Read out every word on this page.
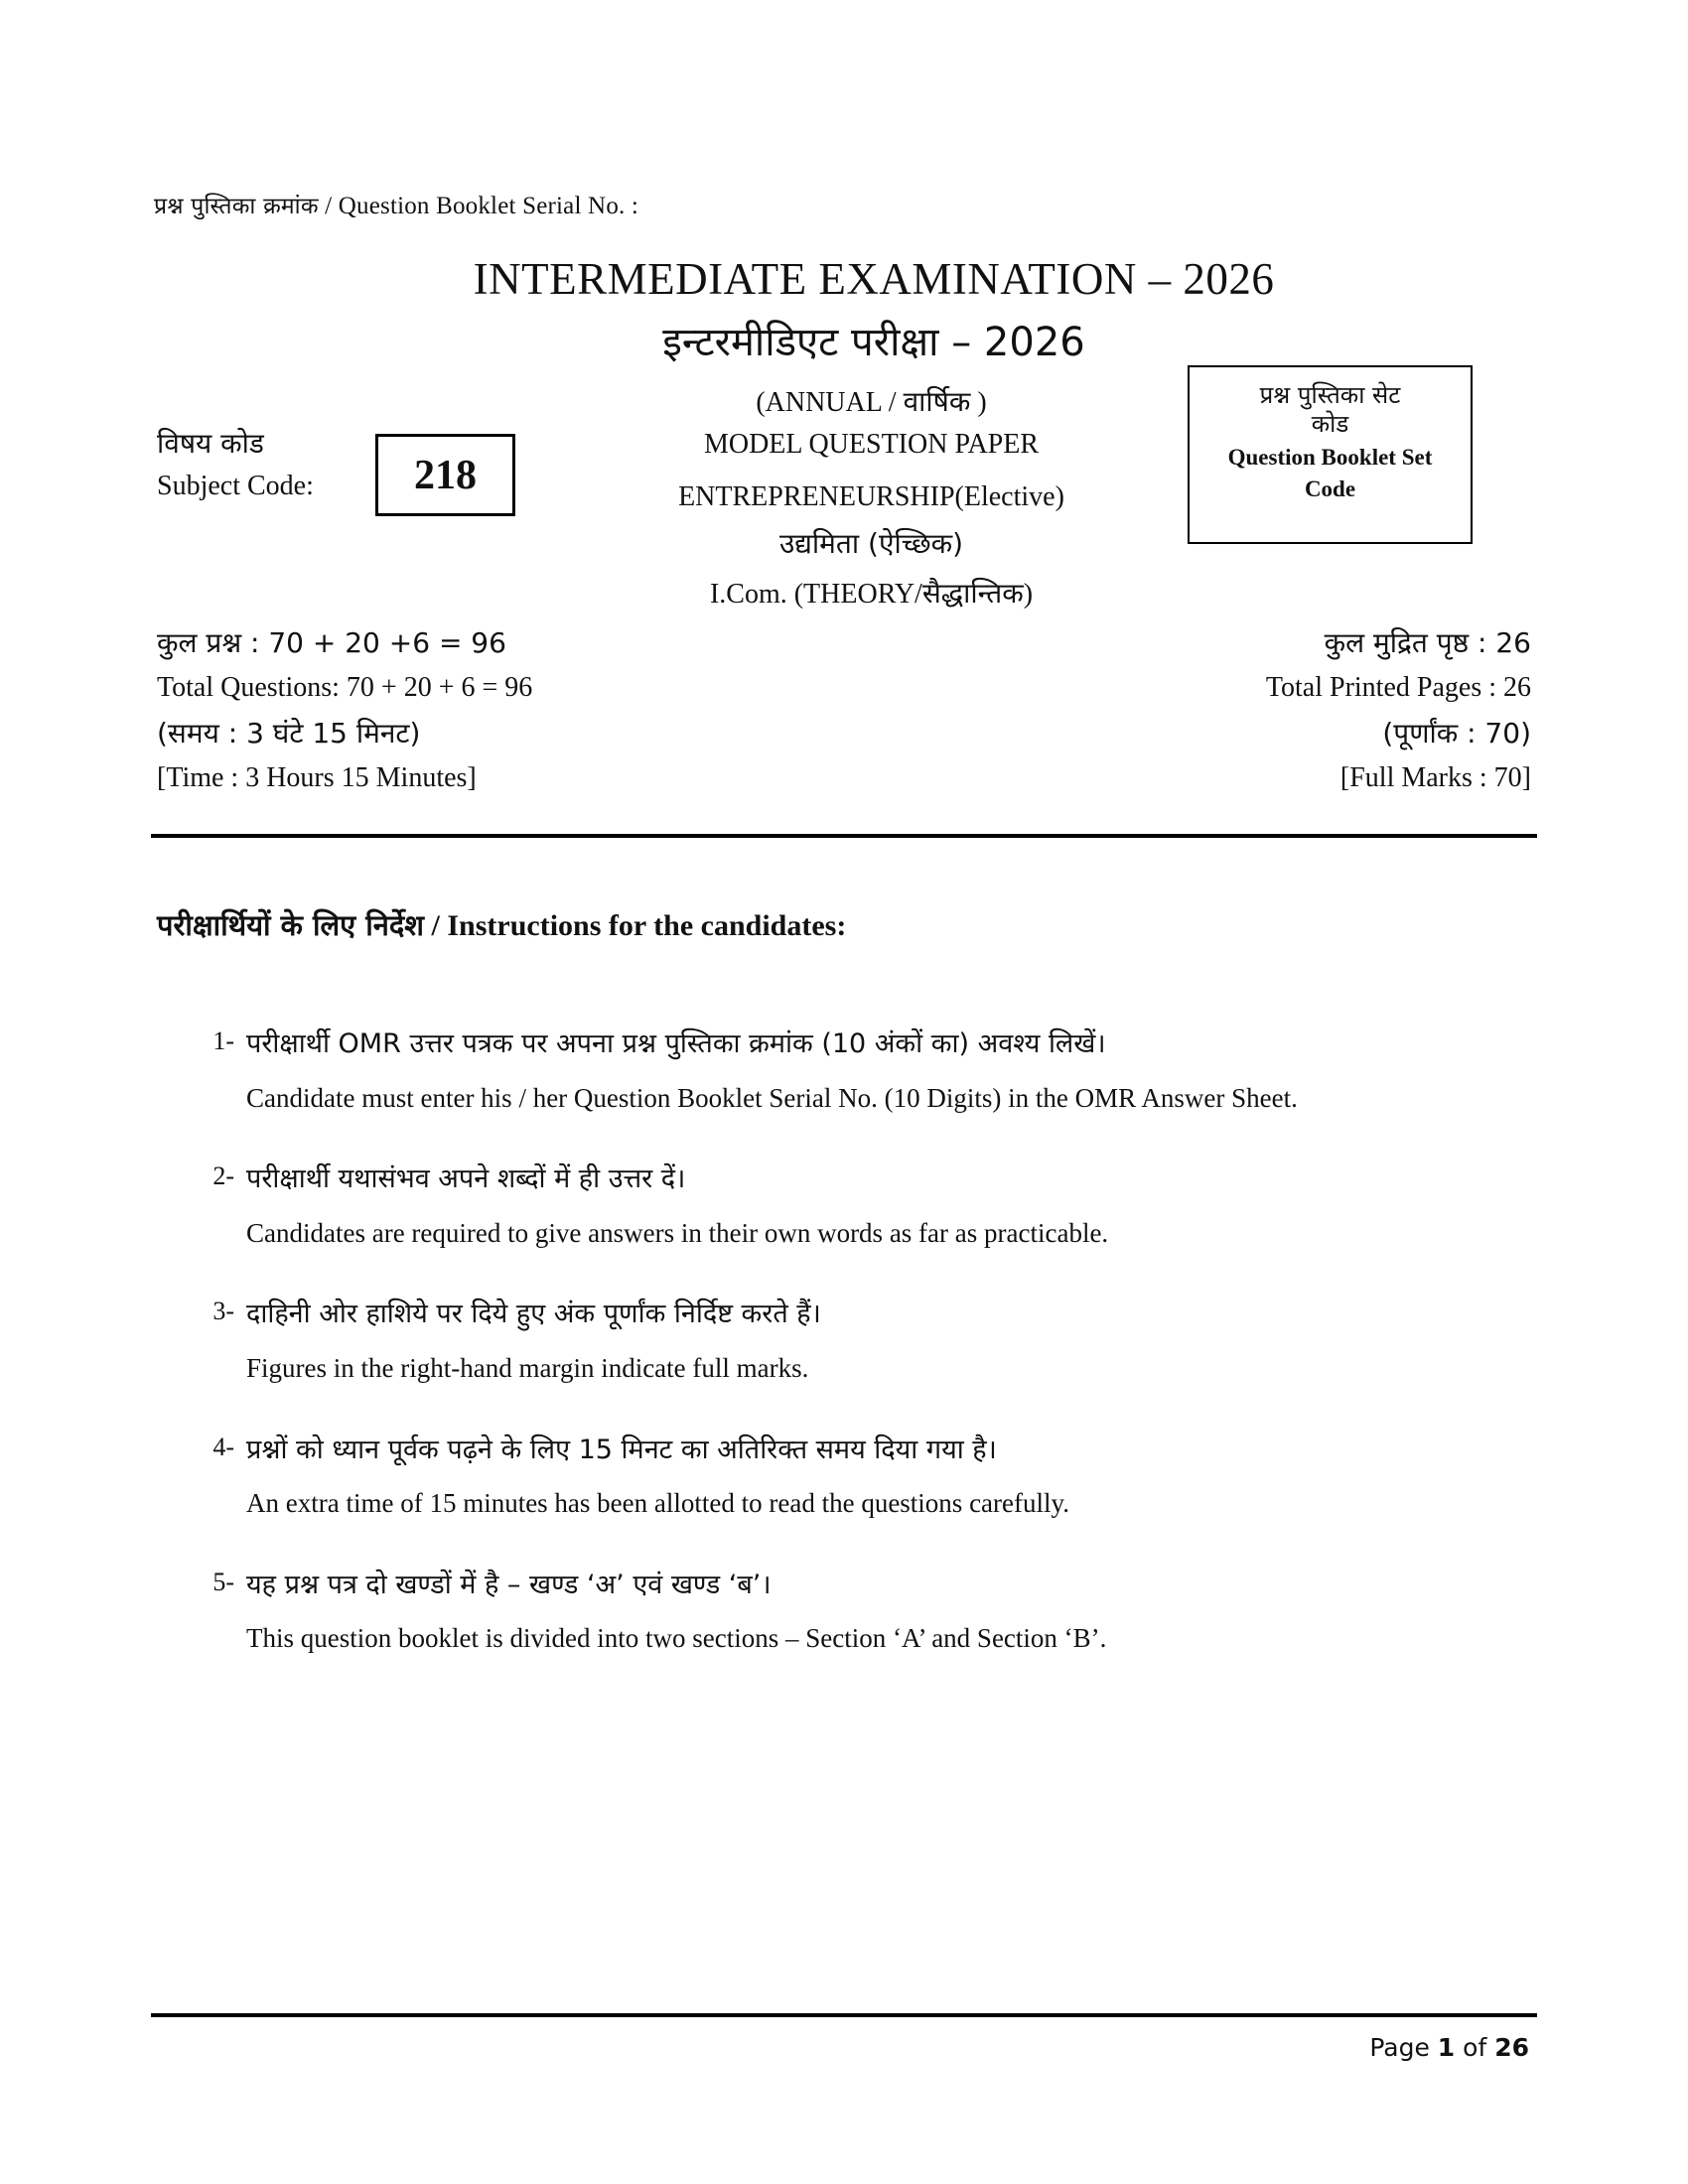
प्रश्न पुस्तिका क्रमांक / Question Booklet Serial No. :
INTERMEDIATE EXAMINATION – 2026
इन्टरमीडिएट परीक्षा – 2026
(ANNUAL / वार्षिक )
MODEL QUESTION PAPER
ENTREPRENEURSHIP(Elective)
उद्यमिता (ऐच्छिक)
I.Com. (THEORY/सैद्धान्तिक)
विषय कोड
Subject Code: 218
प्रश्न पुस्तिका सेट
कोड
Question Booklet Set
Code
कुल प्रश्न : 70 + 20 +6 = 96
Total Questions: 70 + 20 + 6 = 96
(समय : 3 घंटे 15 मिनट)
[Time : 3 Hours 15 Minutes]
कुल मुद्रित पृष्ठ : 26
Total Printed Pages : 26
(पूर्णांक : 70)
[Full Marks : 70]
परीक्षार्थियों के लिए निर्देश / Instructions for the candidates:
1- परीक्षार्थी OMR उत्तर पत्रक पर अपना प्रश्न पुस्तिका क्रमांक (10 अंकों का) अवश्य लिखें।
Candidate must enter his / her Question Booklet Serial No. (10 Digits) in the OMR Answer Sheet.
2- परीक्षार्थी यथासंभव अपने शब्दों में ही उत्तर दें।
Candidates are required to give answers in their own words as far as practicable.
3- दाहिनी ओर हाशिये पर दिये हुए अंक पूर्णांक निर्दिष्ट करते हैं।
Figures in the right-hand margin indicate full marks.
4- प्रश्नों को ध्यान पूर्वक पढ़ने के लिए 15 मिनट का अतिरिक्त समय दिया गया है।
An extra time of 15 minutes has been allotted to read the questions carefully.
5- यह प्रश्न पत्र दो खण्डों में है – खण्ड ‘अ’ एवं खण्ड ‘ब’।
This question booklet is divided into two sections – Section ‘A’ and Section ‘B’.
Page 1 of 26
